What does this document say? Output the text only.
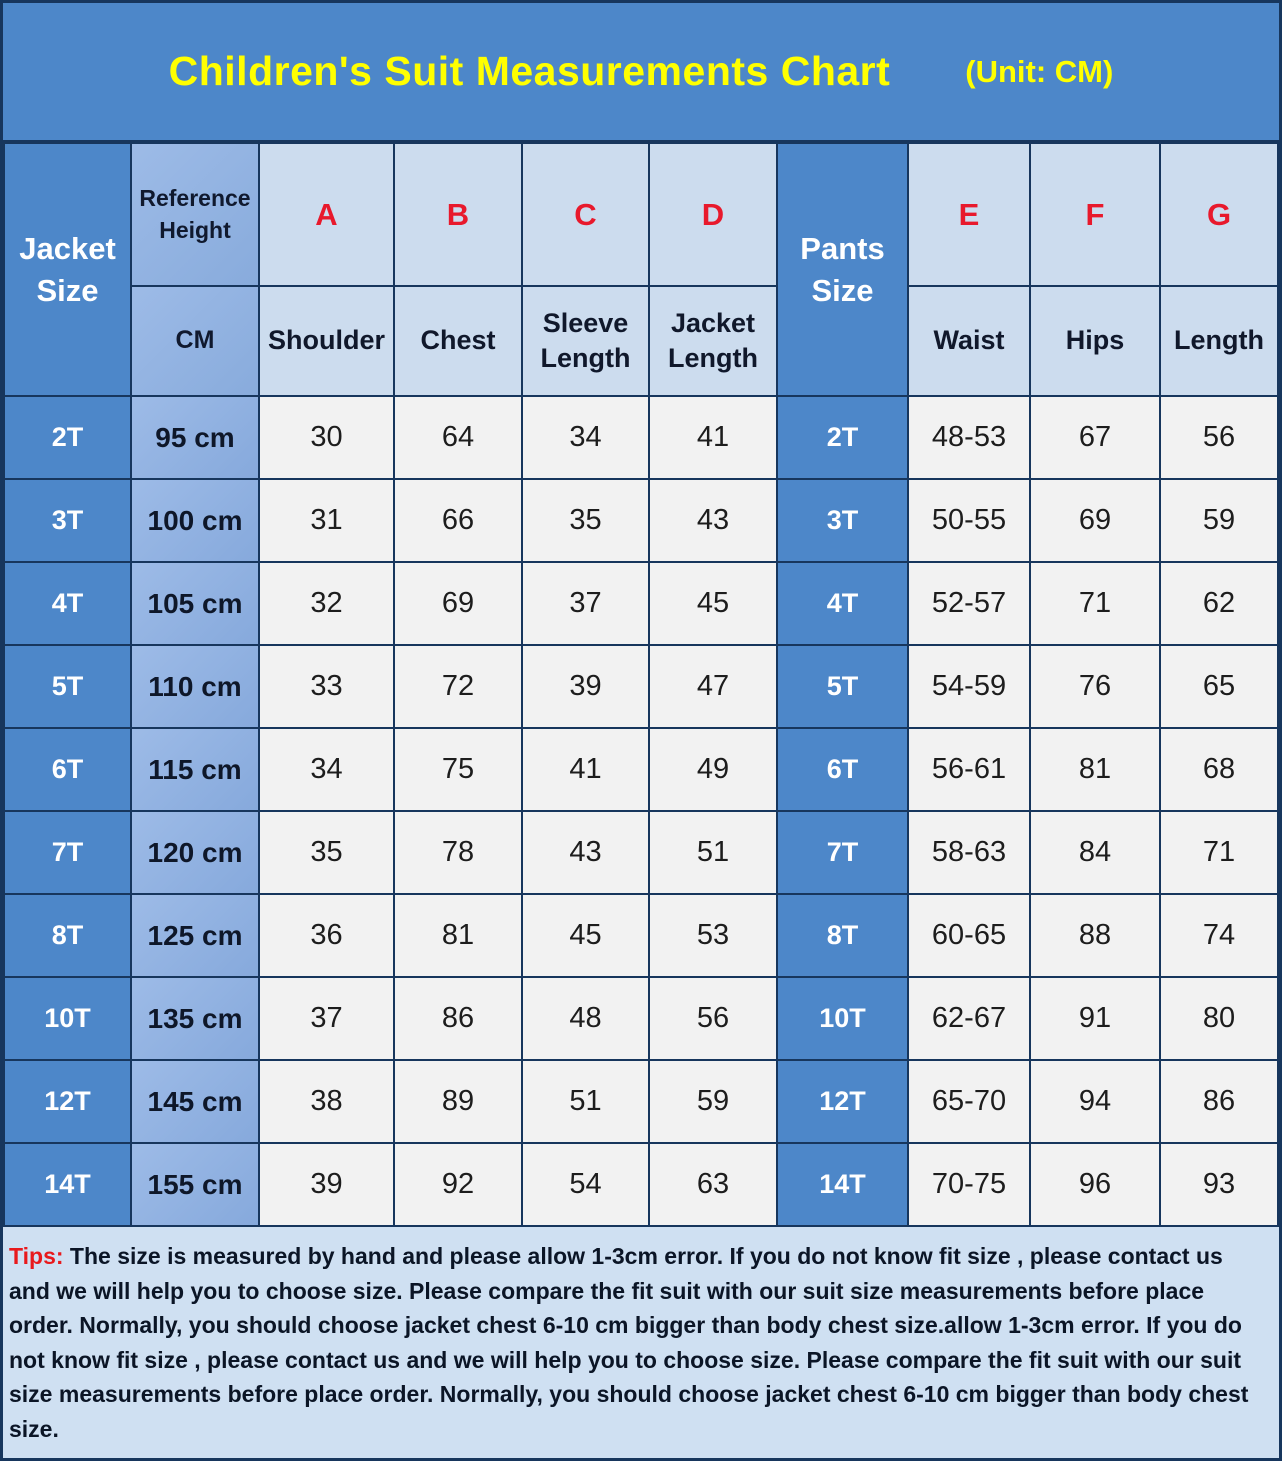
Children's Suit Measurements Chart (Unit: CM)
Jacket Size	Reference Height	A	B	C	D	Pants Size	E	F	G
	CM	Shoulder	Chest	Sleeve Length	Jacket Length		Waist	Hips	Length
2T	95 cm	30	64	34	41	2T	48-53	67	56
3T	100 cm	31	66	35	43	3T	50-55	69	59
4T	105 cm	32	69	37	45	4T	52-57	71	62
5T	110 cm	33	72	39	47	5T	54-59	76	65
6T	115 cm	34	75	41	49	6T	56-61	81	68
7T	120 cm	35	78	43	51	7T	58-63	84	71
8T	125 cm	36	81	45	53	8T	60-65	88	74
10T	135 cm	37	86	48	56	10T	62-67	91	80
12T	145 cm	38	89	51	59	12T	65-70	94	86
14T	155 cm	39	92	54	63	14T	70-75	96	93
Tips: The size is measured by hand and please allow 1-3cm error. If you do not know fit size , please contact us and we will help you to choose size. Please compare the fit suit with our suit size measurements before place order. Normally, you should choose jacket chest 6-10 cm bigger than body chest size.allow 1-3cm error. If you do not know fit size , please contact us and we will help you to choose size. Please compare the fit suit with our suit size measurements before place order. Normally, you should choose jacket chest 6-10 cm bigger than body chest size.
